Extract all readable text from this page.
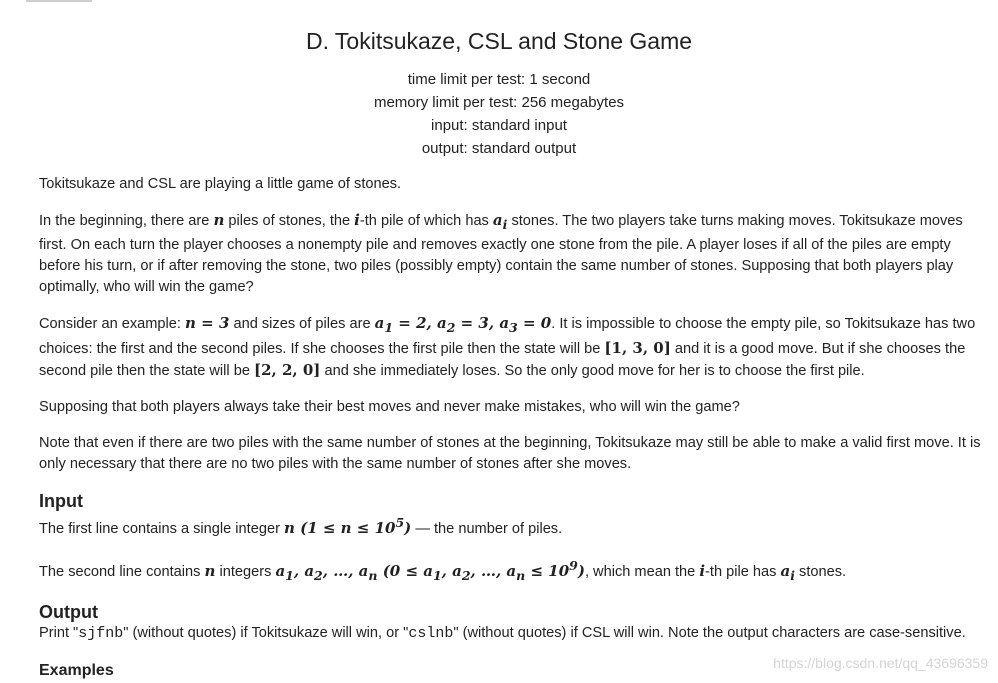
D. Tokitsukaze, CSL and Stone Game
time limit per test: 1 second
memory limit per test: 256 megabytes
input: standard input
output: standard output

Tokitsukaze and CSL are playing a little game of stones.

In the beginning, there are n piles of stones, the i-th pile of which has $a_i$ stones. The two players take turns making moves. Tokitsukaze moves first. On each turn the player chooses a nonempty pile and removes exactly one stone from the pile. A player loses if all of the piles are empty before his turn, or if after removing the stone, two piles (possibly empty) contain the same number of stones. Supposing that both players play optimally, who will win the game?

Consider an example: n = 3 and sizes of piles are $a_1 = 2$, $a_2 = 3$, $a_3 = 0$. It is impossible to choose the empty pile, so Tokitsukaze has two choices: the first and the second piles. If she chooses the first pile then the state will be [1, 3, 0] and it is a good move. But if she chooses the second pile then the state will be [2, 2, 0] and she immediately loses. So the only good move for her is to choose the first pile.

Supposing that both players always take their best moves and never make mistakes, who will win the game?

Note that even if there are two piles with the same number of stones at the beginning, Tokitsukaze may still be able to make a valid first move. It is only necessary that there are no two piles with the same number of stones after she moves.

Input

The first line contains a single integer n $(1 \le n \le 10^5)$ — the number of piles.

The second line contains n integers $a_1$, $a_2$, …, $a_n$ ($0 \le a_1$, $a_2$, …, $a_n \le 10^9$), which mean the i-th pile has $a_i$ stones.

Output

Print "sjfnb" (without quotes) if Tokitsukaze will win, or "cslnb" (without quotes) if CSL will win. Note the output characters are case-sensitive.

Examples	https://blog.csdn.net/qq_43696359
